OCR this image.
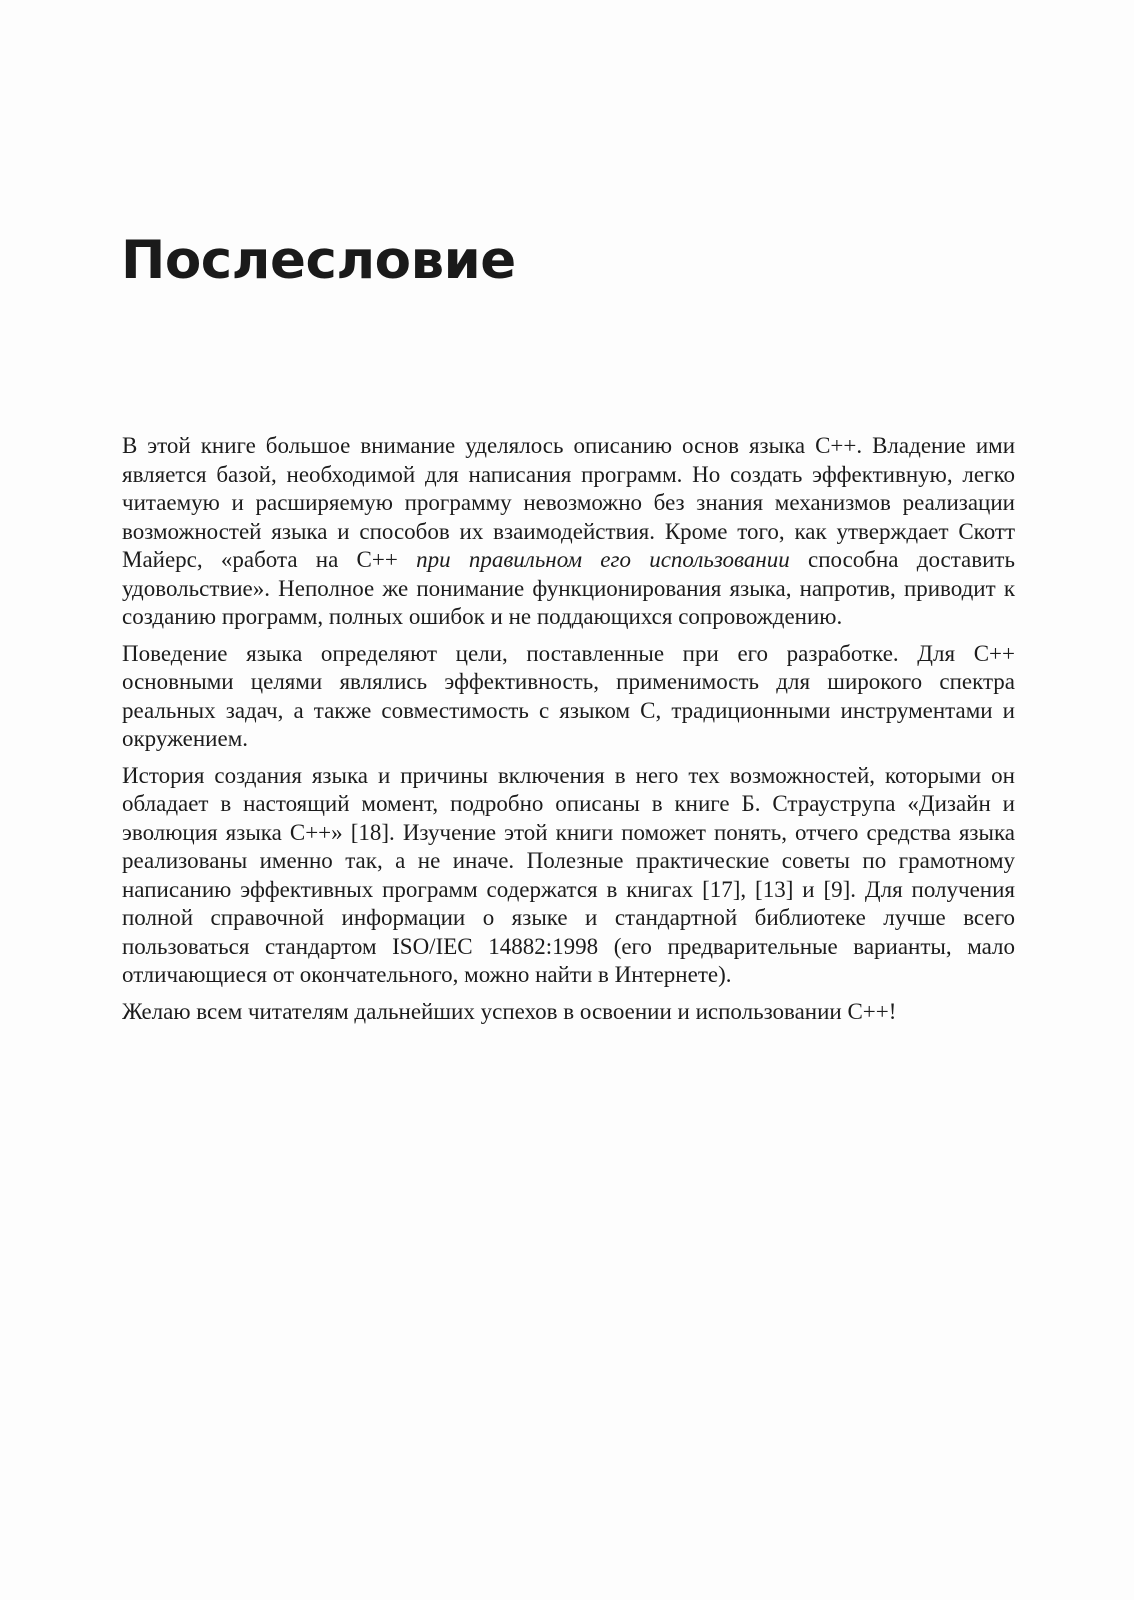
Послесловие

В этой книге большое внимание уделялось описанию основ языка C++. Владение ими является базой, необходимой для написания программ. Но создать эффективную, легко читаемую и расширяемую программу невозможно без знания механизмов реализации возможностей языка и способов их взаимодействия. Кроме того, как утверждает Скотт Майерс, «работа на C++ при правильном его использовании способна доставить удовольствие». Неполное же понимание функционирования языка, напротив, приводит к созданию программ, полных ошибок и не поддающихся сопровождению.

Поведение языка определяют цели, поставленные при его разработке. Для C++ основными целями являлись эффективность, применимость для широкого спектра реальных задач, а также совместимость с языком С, традиционными инструментами и окружением.

История создания языка и причины включения в него тех возможностей, которыми он обладает в настоящий момент, подробно описаны в книге Б. Страуструпа «Дизайн и эволюция языка C++» [18]. Изучение этой книги поможет понять, отчего средства языка реализованы именно так, а не иначе. Полезные практические советы по грамотному написанию эффективных программ содержатся в книгах [17], [13] и [9]. Для получения полной справочной информации о языке и стандартной библиотеке лучше всего пользоваться стандартом ISO/IEC 14882:1998 (его предварительные варианты, мало отличающиеся от окончательного, можно найти в Интернете).

Желаю всем читателям дальнейших успехов в освоении и использовании C++!
